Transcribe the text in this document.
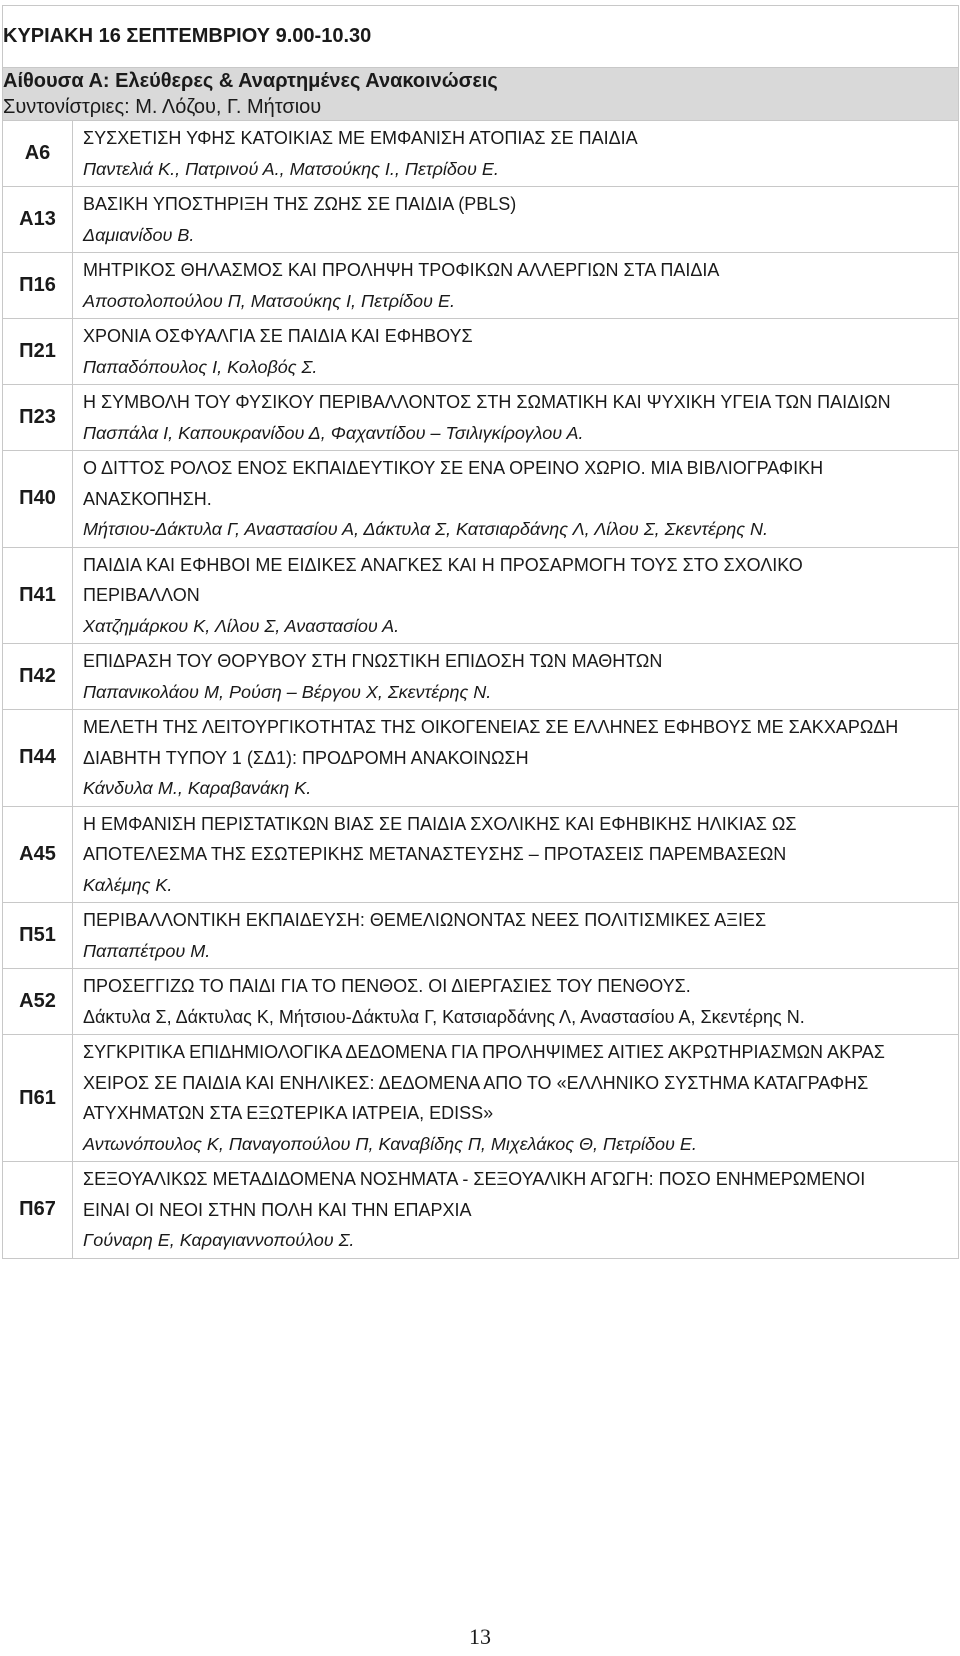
ΚΥΡΙΑΚΗ 16 ΣΕΠΤΕΜΒΡΙΟΥ 9.00-10.30	

Αίθουσα Α: Ελεύθερες & Αναρτημένες Ανακοινώσεις
Συντονίστριες: Μ. Λόζου, Γ. Μήτσιου	

Α6	ΣΥΣΧΕΤΙΣΗ ΥΦΗΣ ΚΑΤΟΙΚΙΑΣ ΜΕ ΕΜΦΑΝΙΣΗ ΑΤΟΠΙΑΣ ΣΕ ΠΑΙΔΙΑ
Παντελιά Κ., Πατρινού Α., Ματσούκης Ι., Πετρίδου Ε.

Α13	ΒΑΣΙΚΗ ΥΠΟΣΤΗΡΙΞΗ ΤΗΣ ΖΩΗΣ ΣΕ ΠΑΙΔΙΑ (PBLS)
Δαμιανίδου Β.

Π16	ΜΗΤΡΙΚΟΣ ΘΗΛΑΣΜΟΣ ΚΑΙ ΠΡΟΛΗΨΗ ΤΡΟΦΙΚΩΝ ΑΛΛΕΡΓΙΩΝ ΣΤΑ ΠΑΙΔΙΑ
Αποστολοπούλου Π, Ματσούκης Ι, Πετρίδου Ε.

Π21	ΧΡΟΝΙΑ ΟΣΦΥΑΛΓΙΑ ΣΕ ΠΑΙΔΙΑ ΚΑΙ ΕΦΗΒΟΥΣ
Παπαδόπουλος Ι, Κολοβός Σ.

Π23	Η ΣΥΜΒΟΛΗ ΤΟΥ ΦΥΣΙΚΟΥ ΠΕΡΙΒΑΛΛΟΝΤΟΣ ΣΤΗ ΣΩΜΑΤΙΚΗ ΚΑΙ ΨΥΧΙΚΗ ΥΓΕΙΑ ΤΩΝ ΠΑΙΔΙΩΝ
Πασπάλα Ι, Καπουκρανίδου Δ, Φαχαντίδου – Τσιλιγκίρογλου Α.

Π40	Ο ΔΙΤΤΟΣ ΡΟΛΟΣ ΕΝΟΣ ΕΚΠΑΙΔΕΥΤΙΚΟΥ ΣΕ ΕΝΑ ΟΡΕΙΝΟ ΧΩΡΙΟ. ΜΙΑ ΒΙΒΛΙΟΓΡΑΦΙΚΗ
ΑΝΑΣΚΟΠΗΣΗ.
Μήτσιου-Δάκτυλα Γ, Αναστασίου Α, Δάκτυλα Σ, Κατσιαρδάνης Λ, Λίλου Σ, Σκεντέρης Ν.

Π41	ΠΑΙΔΙΑ ΚΑΙ ΕΦΗΒΟΙ ΜΕ ΕΙΔΙΚΕΣ ΑΝΑΓΚΕΣ ΚΑΙ Η ΠΡΟΣΑΡΜΟΓΗ ΤΟΥΣ ΣΤΟ ΣΧΟΛΙΚΟ
ΠΕΡΙΒΑΛΛΟΝ
Χατζημάρκου Κ, Λίλου Σ, Αναστασίου Α.

Π42	ΕΠΙΔΡΑΣΗ ΤΟΥ ΘΟΡΥΒΟΥ ΣΤΗ ΓΝΩΣΤΙΚΗ ΕΠΙΔΟΣΗ ΤΩΝ ΜΑΘΗΤΩΝ
Παπανικολάου Μ, Ρούση – Βέργου Χ, Σκεντέρης Ν.

Π44	ΜΕΛΕΤΗ ΤΗΣ ΛΕΙΤΟΥΡΓΙΚΟΤΗΤΑΣ ΤΗΣ ΟΙΚΟΓΕΝΕΙΑΣ ΣΕ ΕΛΛΗΝΕΣ ΕΦΗΒΟΥΣ ΜΕ ΣΑΚΧΑΡΩΔΗ
ΔΙΑΒΗΤΗ ΤΥΠΟΥ 1 (ΣΔ1): ΠΡΟΔΡΟΜΗ ΑΝΑΚΟΙΝΩΣΗ
Κάνδυλα Μ., Καραβανάκη Κ.

Α45	Η ΕΜΦΑΝΙΣΗ ΠΕΡΙΣΤΑΤΙΚΩΝ ΒΙΑΣ ΣΕ ΠΑΙΔΙΑ ΣΧΟΛΙΚΗΣ ΚΑΙ ΕΦΗΒΙΚΗΣ ΗΛΙΚΙΑΣ ΩΣ
ΑΠΟΤΕΛΕΣΜΑ ΤΗΣ ΕΣΩΤΕΡΙΚΗΣ ΜΕΤΑΝΑΣΤΕΥΣΗΣ – ΠΡΟΤΑΣΕΙΣ ΠΑΡΕΜΒΑΣΕΩΝ
Καλέμης Κ.

Π51	ΠΕΡΙΒΑΛΛΟΝΤΙΚΗ ΕΚΠΑΙΔΕΥΣΗ: ΘΕΜΕΛΙΩΝΟΝΤΑΣ ΝΕΕΣ ΠΟΛΙΤΙΣΜΙΚΕΣ ΑΞΙΕΣ
Παπαπέτρου Μ.

Α52	ΠΡΟΣΕΓΓΙΖΩ ΤΟ ΠΑΙΔΙ ΓΙΑ ΤΟ ΠΕΝΘΟΣ. ΟΙ ΔΙΕΡΓΑΣΙΕΣ ΤΟΥ ΠΕΝΘΟΥΣ.
Δάκτυλα Σ, Δάκτυλας Κ, Μήτσιου-Δάκτυλα Γ, Κατσιαρδάνης Λ, Αναστασίου Α, Σκεντέρης Ν.

Π61	ΣΥΓΚΡΙΤΙΚΑ ΕΠΙΔΗΜΙΟΛΟΓΙΚΑ ΔΕΔΟΜΕΝΑ ΓΙΑ ΠΡΟΛΗΨΙΜΕΣ ΑΙΤΙΕΣ ΑΚΡΩΤΗΡΙΑΣΜΩΝ ΑΚΡΑΣ
ΧΕΙΡΟΣ ΣΕ ΠΑΙΔΙΑ ΚΑΙ ΕΝΗΛΙΚΕΣ: ΔΕΔΟΜΕΝΑ ΑΠΟ ΤΟ «ΕΛΛΗΝΙΚΟ ΣΥΣΤΗΜΑ ΚΑΤΑΓΡΑΦΗΣ
ΑΤΥΧΗΜΑΤΩΝ ΣΤΑ ΕΞΩΤΕΡΙΚΑ ΙΑΤΡΕΙΑ, EDISS»
Αντωνόπουλος Κ, Παναγοπούλου Π, Καναβίδης Π, Μιχελάκος Θ, Πετρίδου Ε.

Π67	ΣΕΞΟΥΑΛΙΚΩΣ ΜΕΤΑΔΙΔΟΜΕΝΑ ΝΟΣΗΜΑΤΑ - ΣΕΞΟΥΑΛΙΚΗ ΑΓΩΓΗ: ΠΟΣΟ ΕΝΗΜΕΡΩΜΕΝΟΙ
ΕΙΝΑΙ ΟΙ ΝΕΟΙ ΣΤΗΝ ΠΟΛΗ ΚΑΙ ΤΗΝ ΕΠΑΡΧΙΑ
Γούναρη Ε, Καραγιαννοπούλου Σ.
13
